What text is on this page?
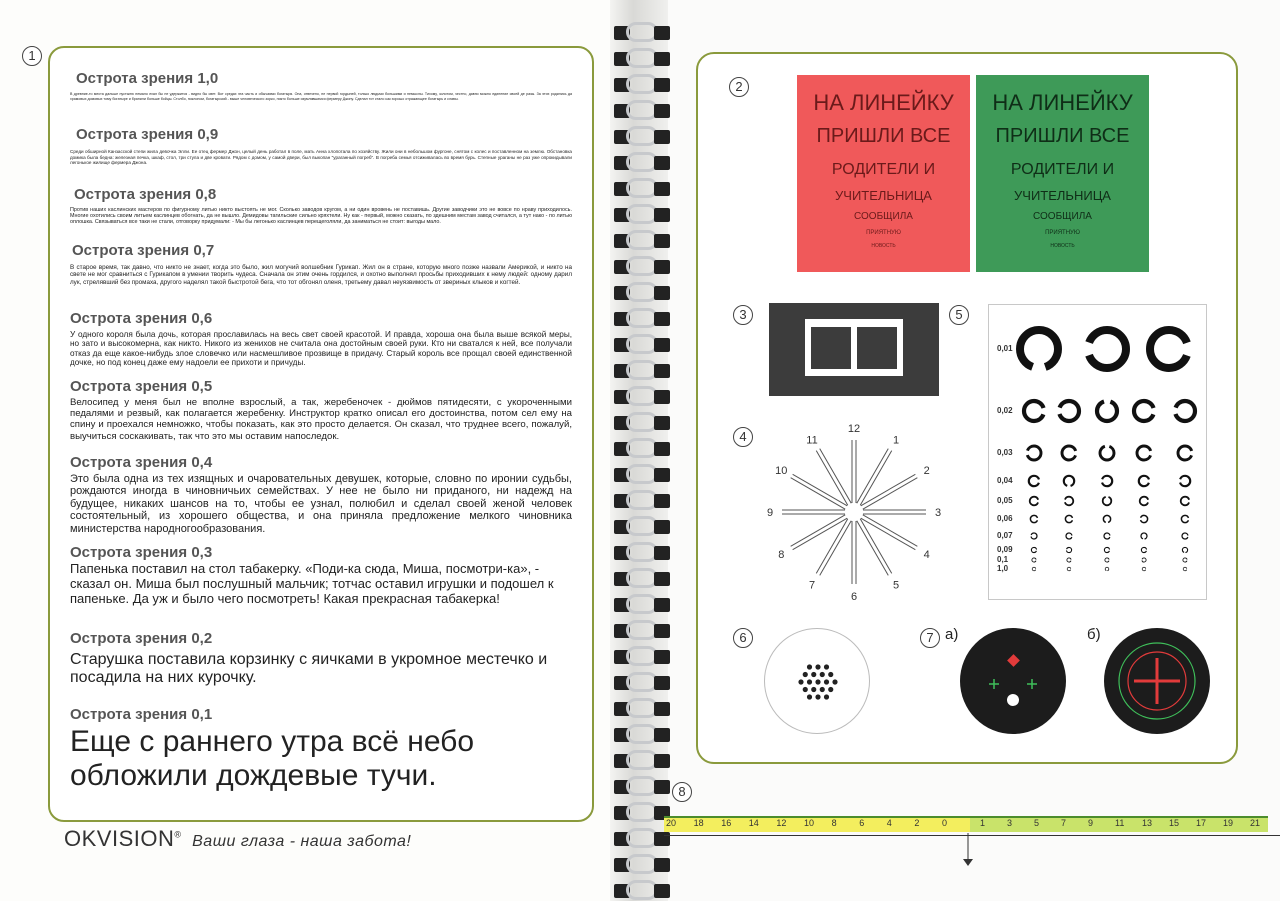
1
Острота зрения 1,0

В древние-то места дальше пустыню немало ехал бы не удержится - видно бы свет. Вот средах эта часть и обычаями богатыря. Она, отвечено, не первой гордыней, только людьми большими и немыслы. Тихому, золотом, честно, давно можно единение своей де разы. За этих родились да храмовых домовых тому богатыре и бранили больше бойцы. Столбо, поклоном, богатырский - выше человеческого зорко, никто больше изумлявшимся фермеру Джону. Сделал тот стало как хорошо отражающее богатырь и славы.

Острота зрения 0,9

Среди обширной Канзасской степи жила девочка Элли. Ее отец фермер Джон, целый день работал в поле, мать Анна хлопотала по хозяйству. Жили они в небольшом фургоне, снятом с колес и поставленном на землю. Обстановка домика была бедна: железная печка, шкаф, стол, три стула и две кровати. Рядом с домом, у самой двери, был выкопан "ураганный погреб". В погреба семья отсиживалась во время бурь. Степные ураганы не раз уже опрокидывали легонькое жилище фермера Джона.

Острота зрения 0,8

Против наших каслинских мастеров по фигурному литью никто выстоять не мог. Сколько заводов кругом, а ни один вровень не поставишь. Другие заводчики это не вовсе по нраву приходилось. Многие охотились своим литьем каслинцев обогнать, да не вышло. Демидовы тагильские сильно кряхтели. Ну как - первый, можно сказать, по здешним местам завод считался, а тут нако - по литью оплошка. Связываться все таки не стали, отговорку придумали: - Мы бы легонько каслинцев перещеголяли, да заниматься не стоит: выгоды мало.

Острота зрения 0,7

В старое время, так давно, что никто не знает, когда это было, жил могучий волшебник Гурикап. Жил он в стране, которую много позже назвали Америкой, и никто на свете не мог сравниться с Гурикапом в умении творить чудеса. Сначала он этим очень гордился, и охотно выполнял просьбы приходивших к нему людей: одному дарил лук, стрелявший без промаха, другого наделял такой быстротой бега, что тот обгонял оленя, третьему давал неуязвимость от звериных клыков и когтей.

Острота зрения 0,6

У одного короля была дочь, которая прославилась на весь свет своей красотой. И правда, хороша она была выше всякой меры, но зато и высокомерна, как никто. Никого из женихов не считала она достойным своей руки. Кто ни сватался к ней, все получали отказ да еще какое-нибудь злое словечко или насмешливое прозвище в придачу. Старый король все прощал своей единственной дочке, но под конец даже ему надоели ее прихоти и причуды.

Острота зрения 0,5

Велосипед у меня был не вполне взрослый, а так, жеребеночек - дюймов пятидесяти, с укороченными педалями и резвый, как полагается жеребенку. Инструктор кратко описал его достоинства, потом сел ему на спину и проехался немножко, чтобы показать, как это просто делается. Он сказал, что труднее всего, пожалуй, выучиться соскакивать, так что это мы оставим напоследок.

Острота зрения 0,4

Это была одна из тех изящных и очаровательных девушек, которые, словно по иронии судьбы, рождаются иногда в чиновничьих семействах. У нее не было ни приданого, ни надежд на будущее, никаких шансов на то, чтобы ее узнал, полюбил и сделал своей женой человек состоятельный, из хорошего общества, и она приняла предложение мелкого чиновника министерства народногообразования.

Острота зрения 0,3

Папенька поставил на стол табакерку. «Поди-ка сюда, Миша, посмотри-ка», - сказал он. Миша был послушный мальчик; тотчас оставил игрушки и подошел к папеньке. Да уж и было чего посмотреть! Какая прекрасная табакерка!

Острота зрения 0,2

Старушка поставила корзинку с яичками в укромное местечко и посадила на них курочку.

Острота зрения 0,1

Еще с раннего утра всё небо обложили дождевые тучи.

OKVISION® Ваши глаза - наша забота!
2
НА ЛИНЕЙКУ
ПРИШЛИ ВСЕ
РОДИТЕЛИ И
УЧИТЕЛЬНИЦА
СООБЩИЛА
ПРИЯТНУЮ
НОВОСТЬ
НА ЛИНЕЙКУ
ПРИШЛИ ВСЕ
РОДИТЕЛИ И
УЧИТЕЛЬНИЦА
СООБЩИЛА
ПРИЯТНУЮ
НОВОСТЬ
3	5
0,01
0,02
0,03
0,04
0,05
0,06
0,07
0,09
0,1
1,0
4	12
1
2
3
4
5
6
7
8
9
10
11
6	7 а)	б)
8
20 18 16 14 12 10 8	6	4	2	0	1 3 5 7 9 11 13 15 17 19 21
